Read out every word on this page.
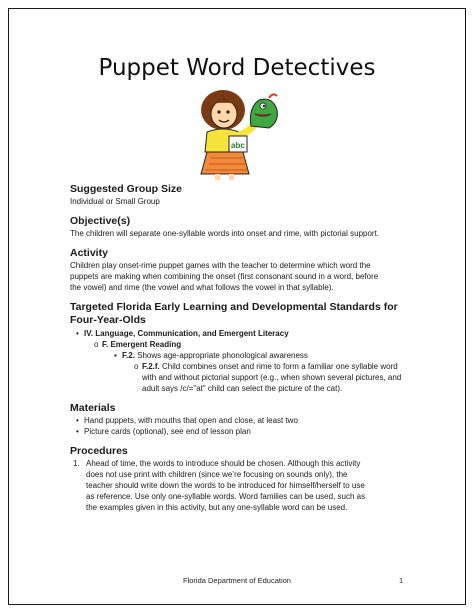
Puppet Word Detectives
abc
Suggested Group Size
Individual or Small Group
Objective(s)
The children will separate one-syllable words into onset and rime, with pictorial support.
Activity
Children play onset-rime puppet games with the teacher to determine which word the
puppets are making when combining the onset (first consonant sound in a word, before
the vowel) and rime (the vowel and what follows the vowel in that syllable).
Targeted Florida Early Learning and Developmental Standards for
Four-Year-Olds
• IV. Language, Communication, and Emergent Literacy
o F. Emergent Reading
▪ F.2. Shows age-appropriate phonological awareness
o F.2.f. Child combines onset and rime to form a familiar one syllable word
with and without pictorial support (e.g., when shown several pictures, and
adult says /c/="at" child can select the picture of the cat).
Materials
• Hand puppets, with mouths that open and close, at least two
• Picture cards (optional), see end of lesson plan
Procedures
1. Ahead of time, the words to introduce should be chosen. Although this activity
does not use print with children (since we’re focusing on sounds only), the
teacher should write down the words to be introduced for himself/herself to use
as reference. Use only one-syllable words. Word families can be used, such as
the examples given in this activity, but any one-syllable word can be used.
Florida Department of Education	1
